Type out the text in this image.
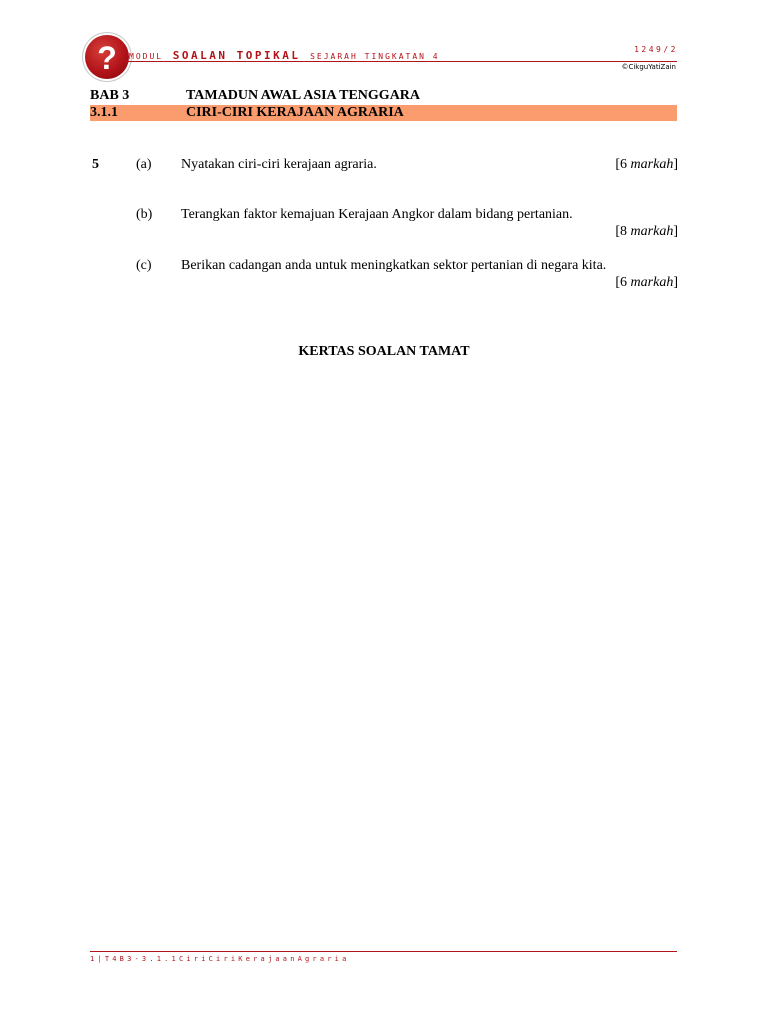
? MODUL SOALAN TOPIKAL SEJARAH TINGKATAN 4
1249/2
©CikguYatiZain
BAB 3	TAMADUN AWAL ASIA TENGGARA
3.1.1	CIRI-CIRI KERAJAAN AGRARIA
5	(a) Nyatakan ciri-ciri kerajaan agraria.	[6 markah]
(b) Terangkan faktor kemajuan Kerajaan Angkor dalam bidang pertanian.
[8 markah]
(c) Berikan cadangan anda untuk meningkatkan sektor pertanian di negara kita.
[6 markah]
KERTAS SOALAN TAMAT
1|T4B3-3.1.1CiriCiriKerajaanAgraria
